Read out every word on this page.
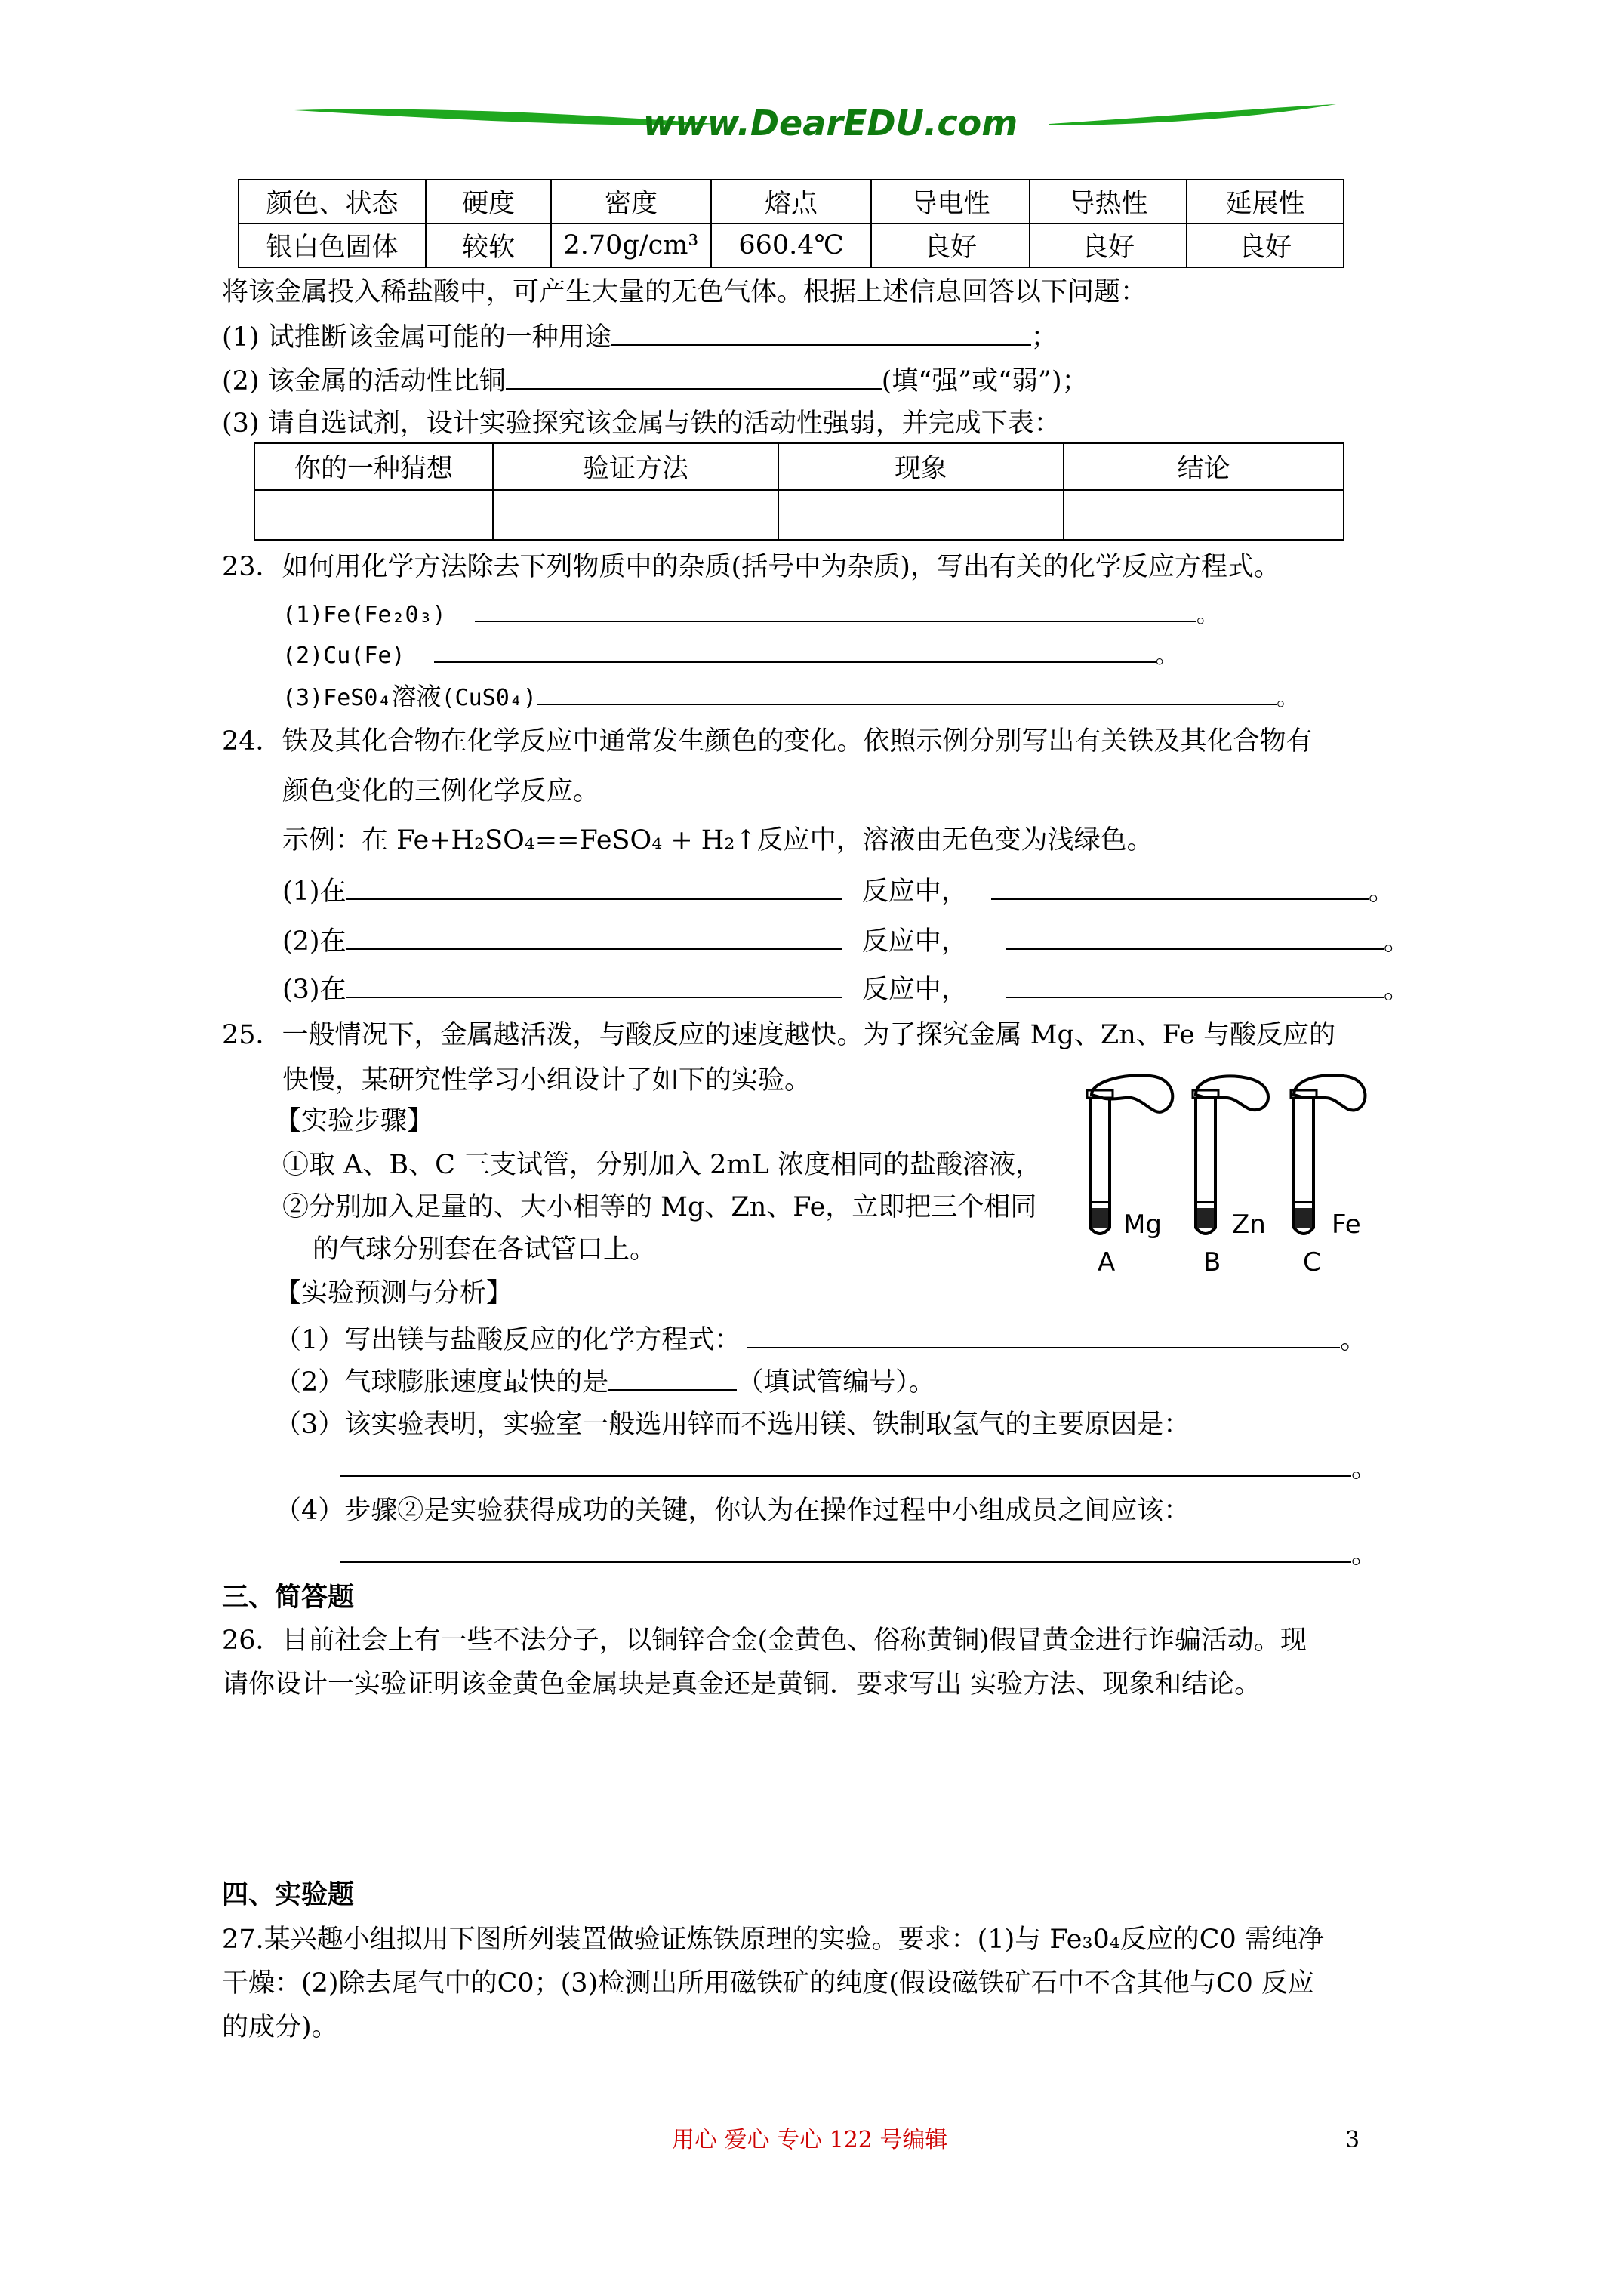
www.DearEDU.com
颜色、状态	硬度	密度	熔点	导电性	导热性	延展性
银白色固体	较软	2.70g/cm³	660.4℃	良好	良好	良好
将该金属投入稀盐酸中，可产生大量的无色气体。根据上述信息回答以下问题：
(1) 试推断该金属可能的一种用途	；
(2) 该金属的活动性比铜	(填“强”或“弱”)；
(3) 请自选试剂，设计实验探究该金属与铁的活动性强弱，并完成下表：
你的一种猜想	验证方法	现象	结论

23．如何用化学方法除去下列物质中的杂质(括号中为杂质)，写出有关的化学反应方程式。
(1)Fe(Fe₂0₃)	。
(2)Cu(Fe)	。
(3)FeS0₄溶液(CuS0₄)	。
24．铁及其化合物在化学反应中通常发生颜色的变化。依照示例分别写出有关铁及其化合物有
颜色变化的三例化学反应。
示例：在 Fe+H₂SO₄==FeSO₄ + H₂↑反应中，溶液由无色变为浅绿色。
(1)在	反应中，	。
(2)在	反应中，	。
(3)在	反应中，	。
25．一般情况下，金属越活泼，与酸反应的速度越快。为了探究金属 Mg、Zn、Fe 与酸反应的
快慢，某研究性学习小组设计了如下的实验。
【实验步骤】
①取 A、B、C 三支试管，分别加入 2mL 浓度相同的盐酸溶液，
②分别加入足量的、大小相等的 Mg、Zn、Fe，立即把三个相同
的气球分别套在各试管口上。
Mg	Zn	Fe
A	B	C
【实验预测与分析】
（1）写出镁与盐酸反应的化学方程式：	。
（2）气球膨胀速度最快的是	（填试管编号）。
（3）该实验表明，实验室一般选用锌而不选用镁、铁制取氢气的主要原因是：
。
（4）步骤②是实验获得成功的关键，你认为在操作过程中小组成员之间应该：
。
三、简答题
26．目前社会上有一些不法分子，以铜锌合金(金黄色、俗称黄铜)假冒黄金进行诈骗活动。现
请你设计一实验证明该金黄色金属块是真金还是黄铜．要求写出 实验方法、现象和结论。
四、实验题
27.某兴趣小组拟用下图所列装置做验证炼铁原理的实验。要求：(1)与 Fe₃0₄反应的C0 需纯净
干燥：(2)除去尾气中的C0；(3)检测出所用磁铁矿的纯度(假设磁铁矿石中不含其他与C0 反应
的成分)。
用心 爱心 专心 122 号编辑	3
